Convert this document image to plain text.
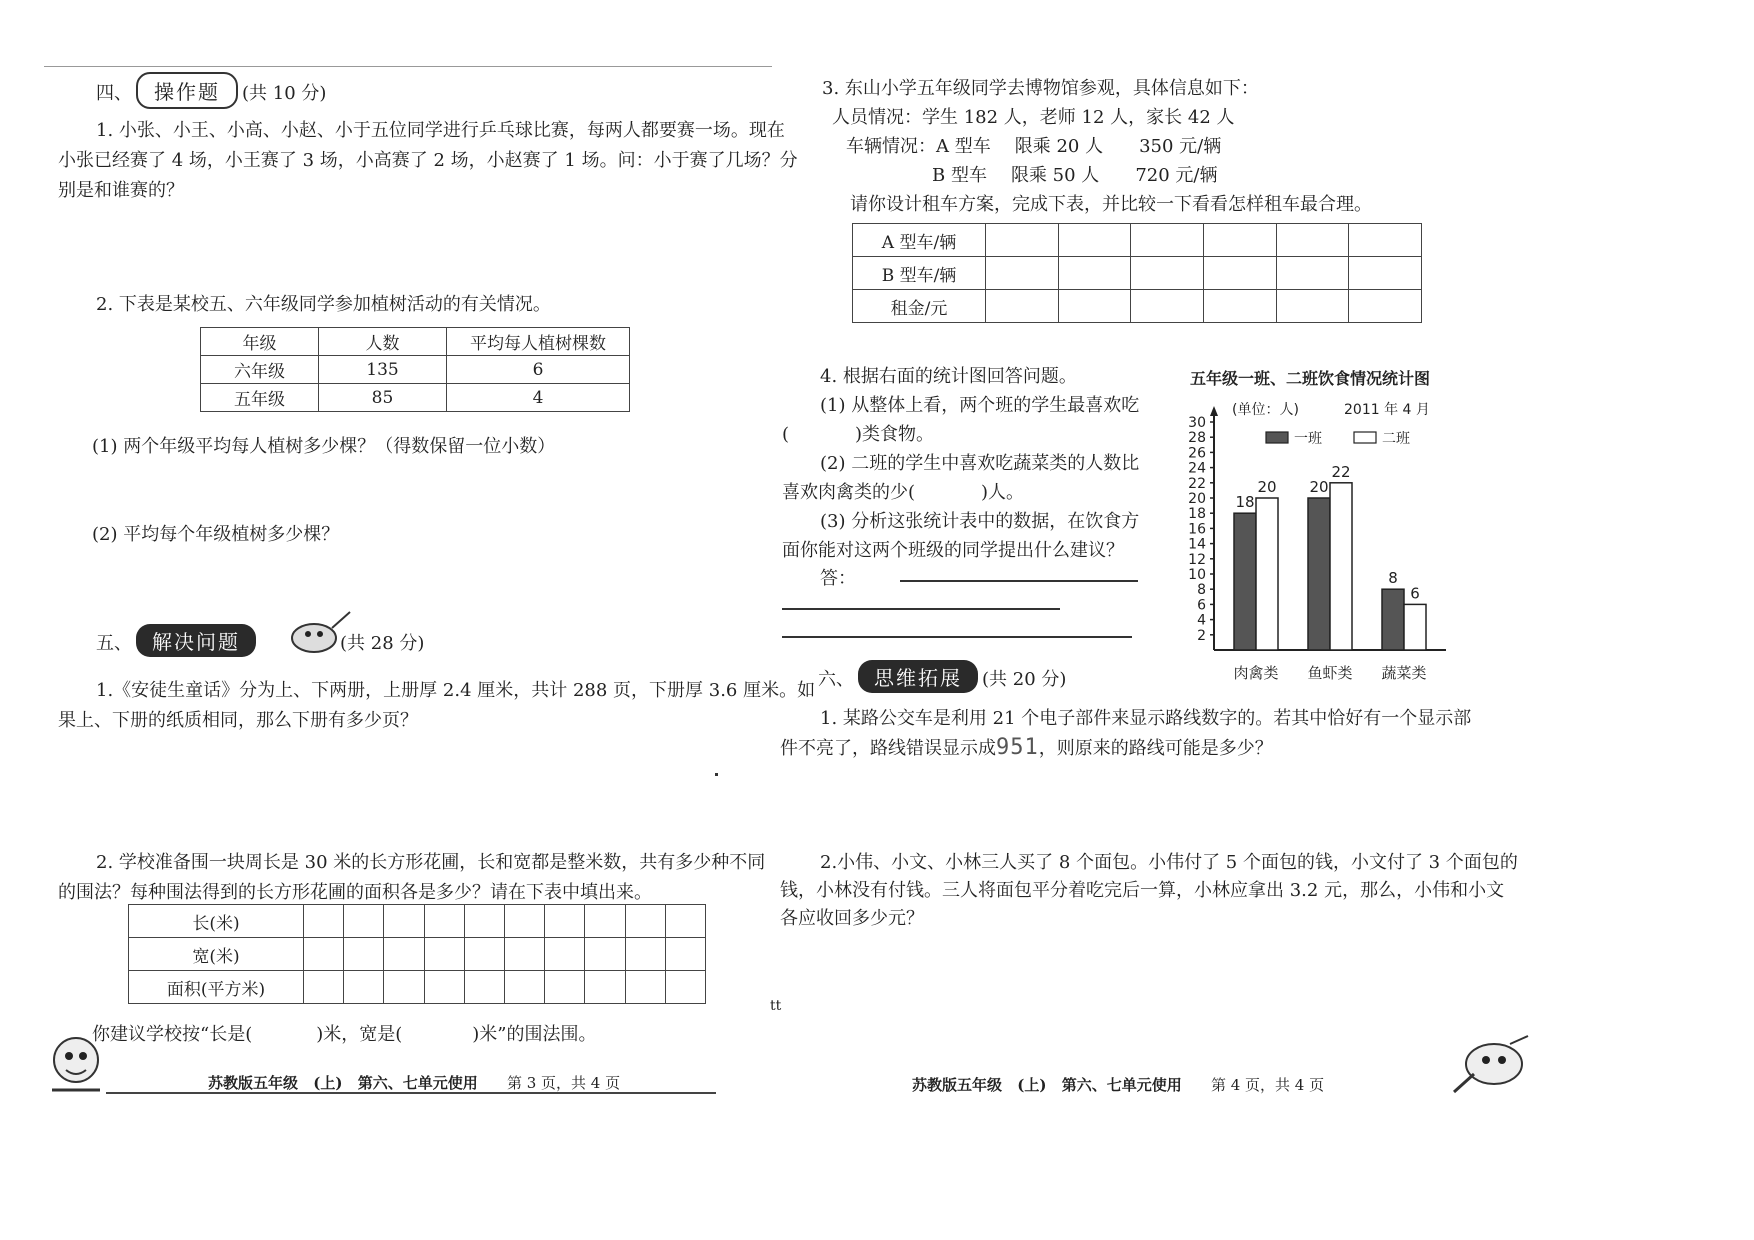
四、 操作题 (共 10 分)
1. 小张、小王、小高、小赵、小于五位同学进行乒乓球比赛，每两人都要赛一场。现在
小张已经赛了 4 场，小王赛了 3 场，小高赛了 2 场，小赵赛了 1 场。问：小于赛了几场？分
别是和谁赛的？
2. 下表是某校五、六年级同学参加植树活动的有关情况。
年级	人数	平均每人植树棵数
六年级	135	6
五年级	85	4
(1) 两个年级平均每人植树多少棵？（得数保留一位小数）
(2) 平均每个年级植树多少棵？
五、 解决问题	(共 28 分)
1.《安徒生童话》分为上、下两册，上册厚 2.4 厘米，共计 288 页，下册厚 3.6 厘米。如
果上、下册的纸质相同，那么下册有多少页？
2. 学校准备围一块周长是 30 米的长方形花圃，长和宽都是整米数，共有多少种不同
的围法？每种围法得到的长方形花圃的面积各是多少？请在下表中填出来。
长(米)										
宽(米)										
面积(平方米)										
你建议学校按“长是(	)米，宽是(	)米”的围法围。
苏教版五年级 (上) 第六、七单元使用 第 3 页，共 4 页
tt
3. 东山小学五年级同学去博物馆参观，具体信息如下：
人员情况：学生 182 人，老师 12 人，家长 42 人
车辆情况：A 型车 限乘 20 人 350 元/辆
B 型车 限乘 50 人 720 元/辆
请你设计租车方案，完成下表，并比较一下看看怎样租车最合理。
A 型车/辆						
B 型车/辆						
租金/元						
4. 根据右面的统计图回答问题。
(1) 从整体上看，两个班的学生最喜欢吃
(	)类食物。
(2) 二班的学生中喜欢吃蔬菜类的人数比
喜欢肉禽类的少(	)人。
(3) 分析这张统计表中的数据，在饮食方
面你能对这两个班级的同学提出什么建议？
答：
五年级一班、二班饮食情况统计图
2
4
6
8
10
12
14
16
18
20
22
24
26
28
30
(单位：人)	2011 年 4 月
一班	二班
18
20
肉禽类
20
22
鱼虾类
8
6
蔬菜类
六、 思维拓展 (共 20 分)
1. 某路公交车是利用 21 个电子部件来显示路线数字的。若其中恰好有一个显示部
件不亮了，路线错误显示成951，则原来的路线可能是多少？
2.小伟、小文、小林三人买了 8 个面包。小伟付了 5 个面包的钱，小文付了 3 个面包的
钱，小林没有付钱。三人将面包平分着吃完后一算，小林应拿出 3.2 元，那么，小伟和小文
各应收回多少元？
苏教版五年级 (上) 第六、七单元使用 第 4 页，共 4 页
